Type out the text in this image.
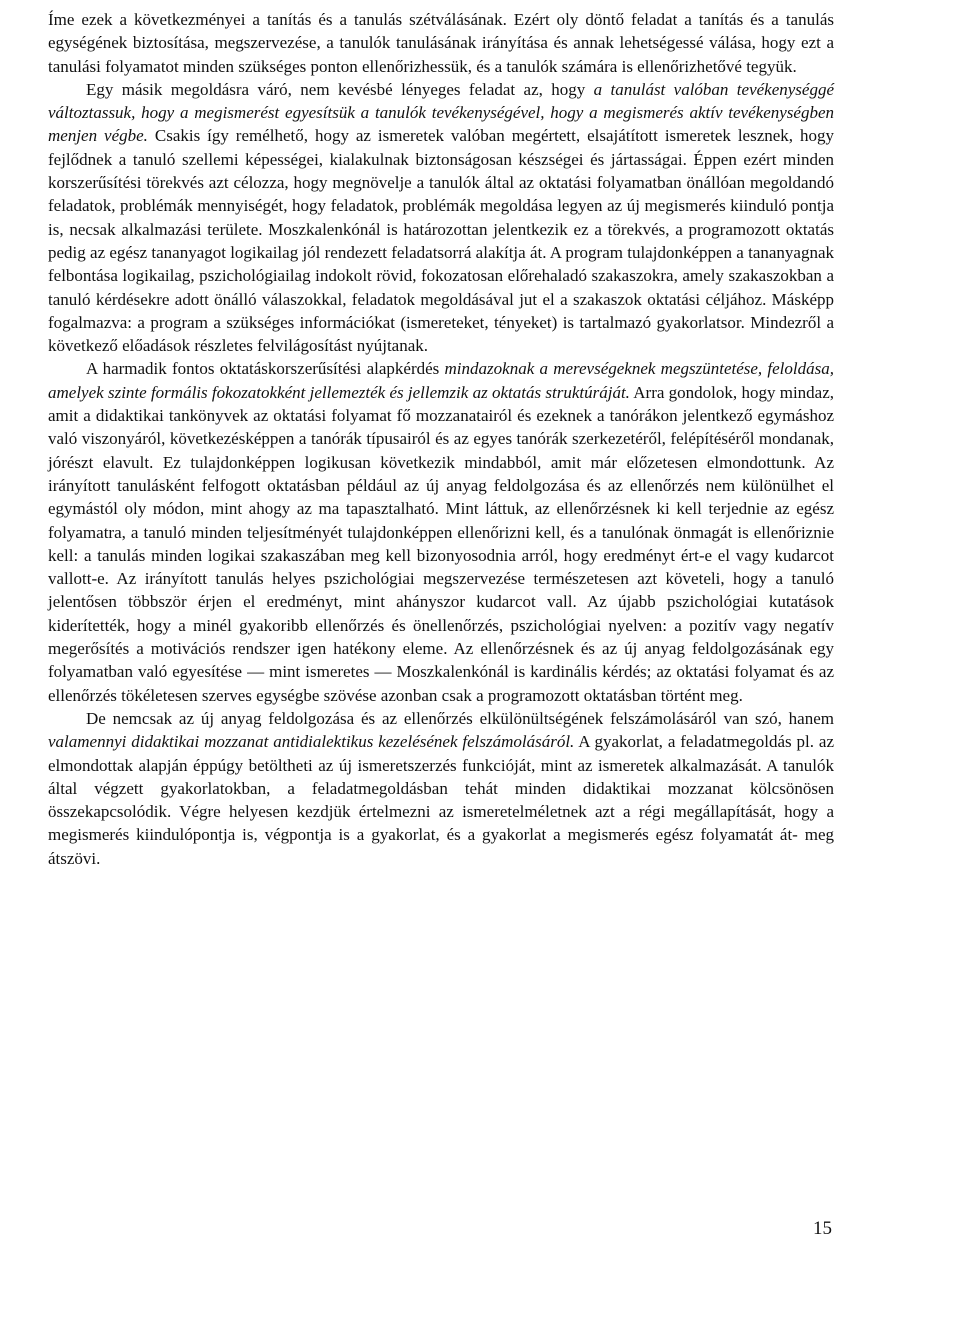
Íme ezek a következményei a tanítás és a tanulás szétválásának. Ezért oly döntő feladat a tanítás és a tanulás egységének biztosítása, megszervezése, a tanulók tanulásának irányítása és annak lehetségessé válása, hogy ezt a tanulási folyamatot minden szükséges ponton ellenőrizhessük, és a tanulók számára is ellenőrizhetővé tegyük.

Egy másik megoldásra váró, nem kevésbé lényeges feladat az, hogy a tanulást valóban tevékenységgé változtassuk, hogy a megismerést egyesítsük a tanulók tevékenységével, hogy a megismerés aktív tevékenységben menjen végbe. Csakis így remélhető, hogy az ismeretek valóban megértett, elsajátított ismeretek lesznek, hogy fejlődnek a tanuló szellemi képességei, kialakulnak biztonságosan készségei és jártasságai. Éppen ezért minden korszerűsítési törekvés azt célozza, hogy megnövelje a tanulók által az oktatási folyamatban önállóan megoldandó feladatok, problémák mennyiségét, hogy feladatok, problémák megoldása legyen az új megismerés kiinduló pontja is, necsak alkalmazási területe. Moszkalenkónál is határozottan jelentkezik ez a törekvés, a programozott oktatás pedig az egész tananyagot logikailag jól rendezett feladatsorrá alakítja át. A program tulajdonképpen a tananyagnak felbontása logikailag, pszichológiailag indokolt rövid, fokozatosan előrehaladó szakaszokra, amely szakaszokban a tanuló kérdésekre adott önálló válaszokkal, feladatok megoldásával jut el a szakaszok oktatási céljához. Másképp fogalmazva: a program a szükséges információkat (ismereteket, tényeket) is tartalmazó gyakorlatsor. Mindezről a következő előadások részletes felvilágosítást nyújtanak.

A harmadik fontos oktatáskorszerűsítési alapkérdés mindazoknak a merevségeknek megszüntetése, feloldása, amelyek szinte formális fokozatokként jellemezték és jellemzik az oktatás struktúráját. Arra gondolok, hogy mindaz, amit a didaktikai tankönyvek az oktatási folyamat fő mozzanatairól és ezeknek a tanórákon jelentkező egymáshoz való viszonyáról, következésképpen a tanórák típusairól és az egyes tanórák szerkezetéről, felépítéséről mondanak, jórészt elavult. Ez tulajdonképpen logikusan következik mindabból, amit már előzetesen elmondottunk. Az irányított tanulásként felfogott oktatásban például az új anyag feldolgozása és az ellenőrzés nem különülhet el egymástól oly módon, mint ahogy az ma tapasztalható. Mint láttuk, az ellenőrzésnek ki kell terjednie az egész folyamatra, a tanuló minden teljesítményét tulajdonképpen ellenőrizni kell, és a tanulónak önmagát is ellenőriznie kell: a tanulás minden logikai szakaszában meg kell bizonyosodnia arról, hogy eredményt ért-e el vagy kudarcot vallott-e. Az irányított tanulás helyes pszichológiai megszervezése természetesen azt követeli, hogy a tanuló jelentősen többször érjen el eredményt, mint ahányszor kudarcot vall. Az újabb pszichológiai kutatások kiderítették, hogy a minél gyakoribb ellenőrzés és önellenőrzés, pszichológiai nyelven: a pozitív vagy negatív megerősítés a motivációs rendszer igen hatékony eleme. Az ellenőrzésnek és az új anyag feldolgozásának egy folyamatban való egyesítése — mint ismeretes — Moszkalenkónál is kardinális kérdés; az oktatási folyamat és az ellenőrzés tökéletesen szerves egységbe szövése azonban csak a programozott oktatásban történt meg.

De nemcsak az új anyag feldolgozása és az ellenőrzés elkülönültségének felszámolásáról van szó, hanem valamennyi didaktikai mozzanat antidialektikus kezelésének felszámolásáról. A gyakorlat, a feladatmegoldás pl. az elmondottak alapján éppúgy betöltheti az új ismeretszerzés funkcióját, mint az ismeretek alkalmazását. A tanulók által végzett gyakorlatokban, a feladatmegoldásban tehát minden didaktikai mozzanat kölcsönösen összekapcsolódik. Végre helyesen kezdjük értelmezni az ismeretelméletnek azt a régi megállapítását, hogy a megismerés kiindulópontja is, végpontja is a gyakorlat, és a gyakorlat a megismerés egész folyamatát át- meg átszövi.

15
